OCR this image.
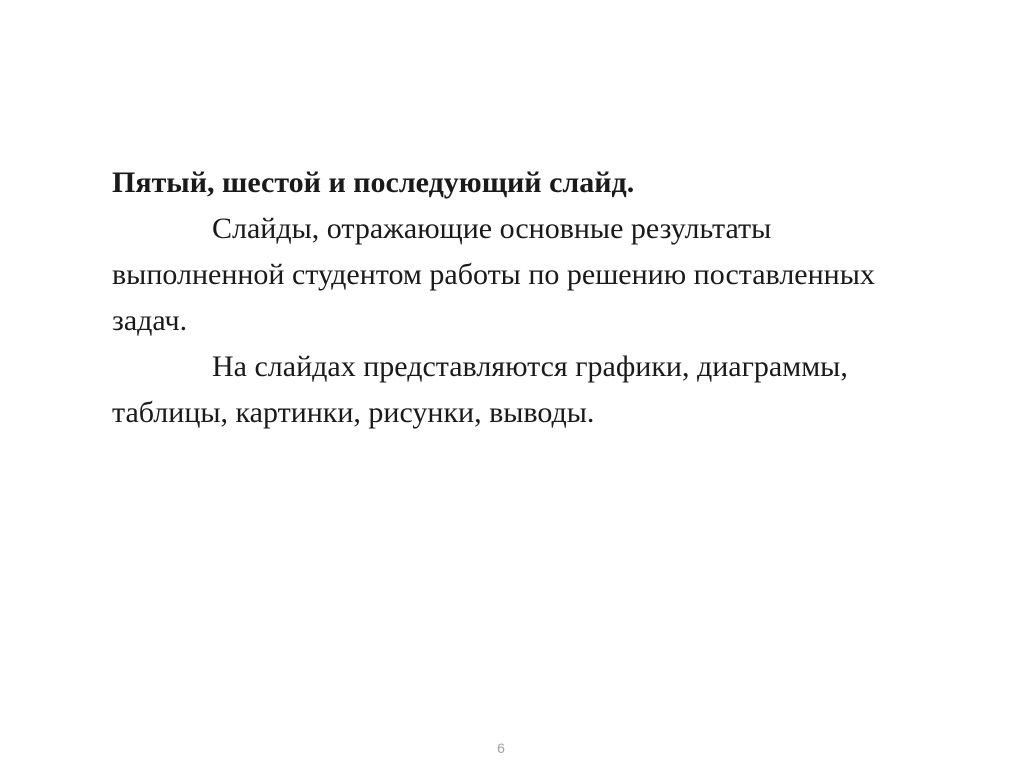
Пятый, шестой и последующий слайд.

Слайды, отражающие основные результаты выполненной студентом работы по решению поставленных задач.

На слайдах представляются графики, диаграммы, таблицы, картинки, рисунки, выводы.

6
